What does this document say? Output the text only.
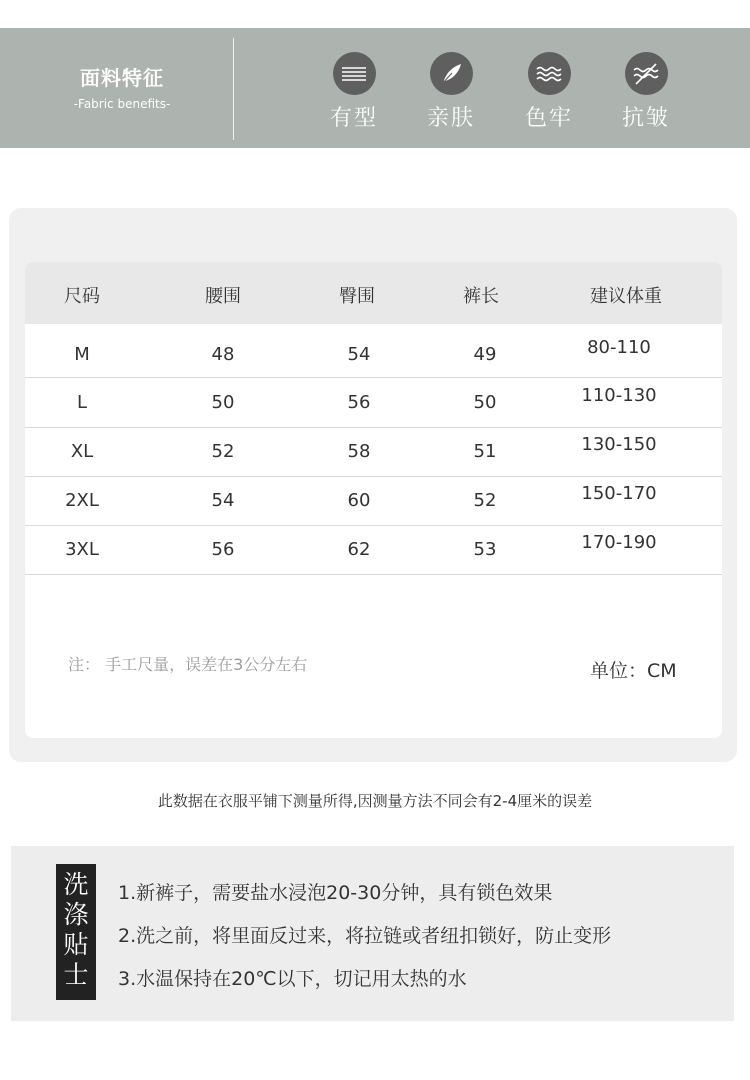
面料特征
-Fabric benefits-
有型	亲肤	色牢	抗皱
尺码	腰围	臀围	裤长	建议体重
M	48	54	49	80-110
L	50	56	50	110-130
XL	52	58	51	130-150
2XL	54	60	52	150-170
3XL	56	62	53	170-190
注： 手工尺量，误差在3公分左右	单位：CM
此数据在衣服平铺下测量所得,因测量方法不同会有2-4厘米的误差
洗
涤
贴
士
1.新裤子，需要盐水浸泡20-30分钟，具有锁色效果
2.洗之前，将里面反过来，将拉链或者纽扣锁好，防止变形
3.水温保持在20℃以下，切记用太热的水
